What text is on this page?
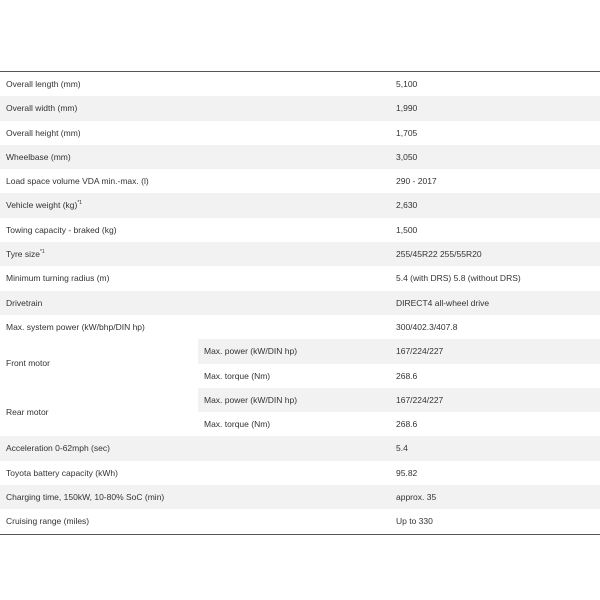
Overall length (mm)	5,100
Overall width (mm)	1,990
Overall height (mm)	1,705
Wheelbase (mm)	3,050
Load space volume VDA min.-max. (l)	290 - 2017
Vehicle weight (kg)$^{*1}$	2,630
Towing capacity - braked (kg)	1,500
Tyre size$^{*1}$	255/45R22 255/55R20
Minimum turning radius (m)	5.4 (with DRS) 5.8 (without DRS)
Drivetrain	DIRECT4 all-wheel drive
Max. system power (kW/bhp/DIN hp)	300/402.3/407.8
Front motor
Max. power (kW/DIN hp)	167/224/227
Max. torque (Nm)	268.6
Rear motor
Max. power (kW/DIN hp)	167/224/227
Max. torque (Nm)	268.6
Acceleration 0-62mph (sec)	5.4
Toyota battery capacity (kWh)	95.82
Charging time, 150kW, 10-80% SoC (min)	approx. 35
Cruising range (miles)	Up to 330
